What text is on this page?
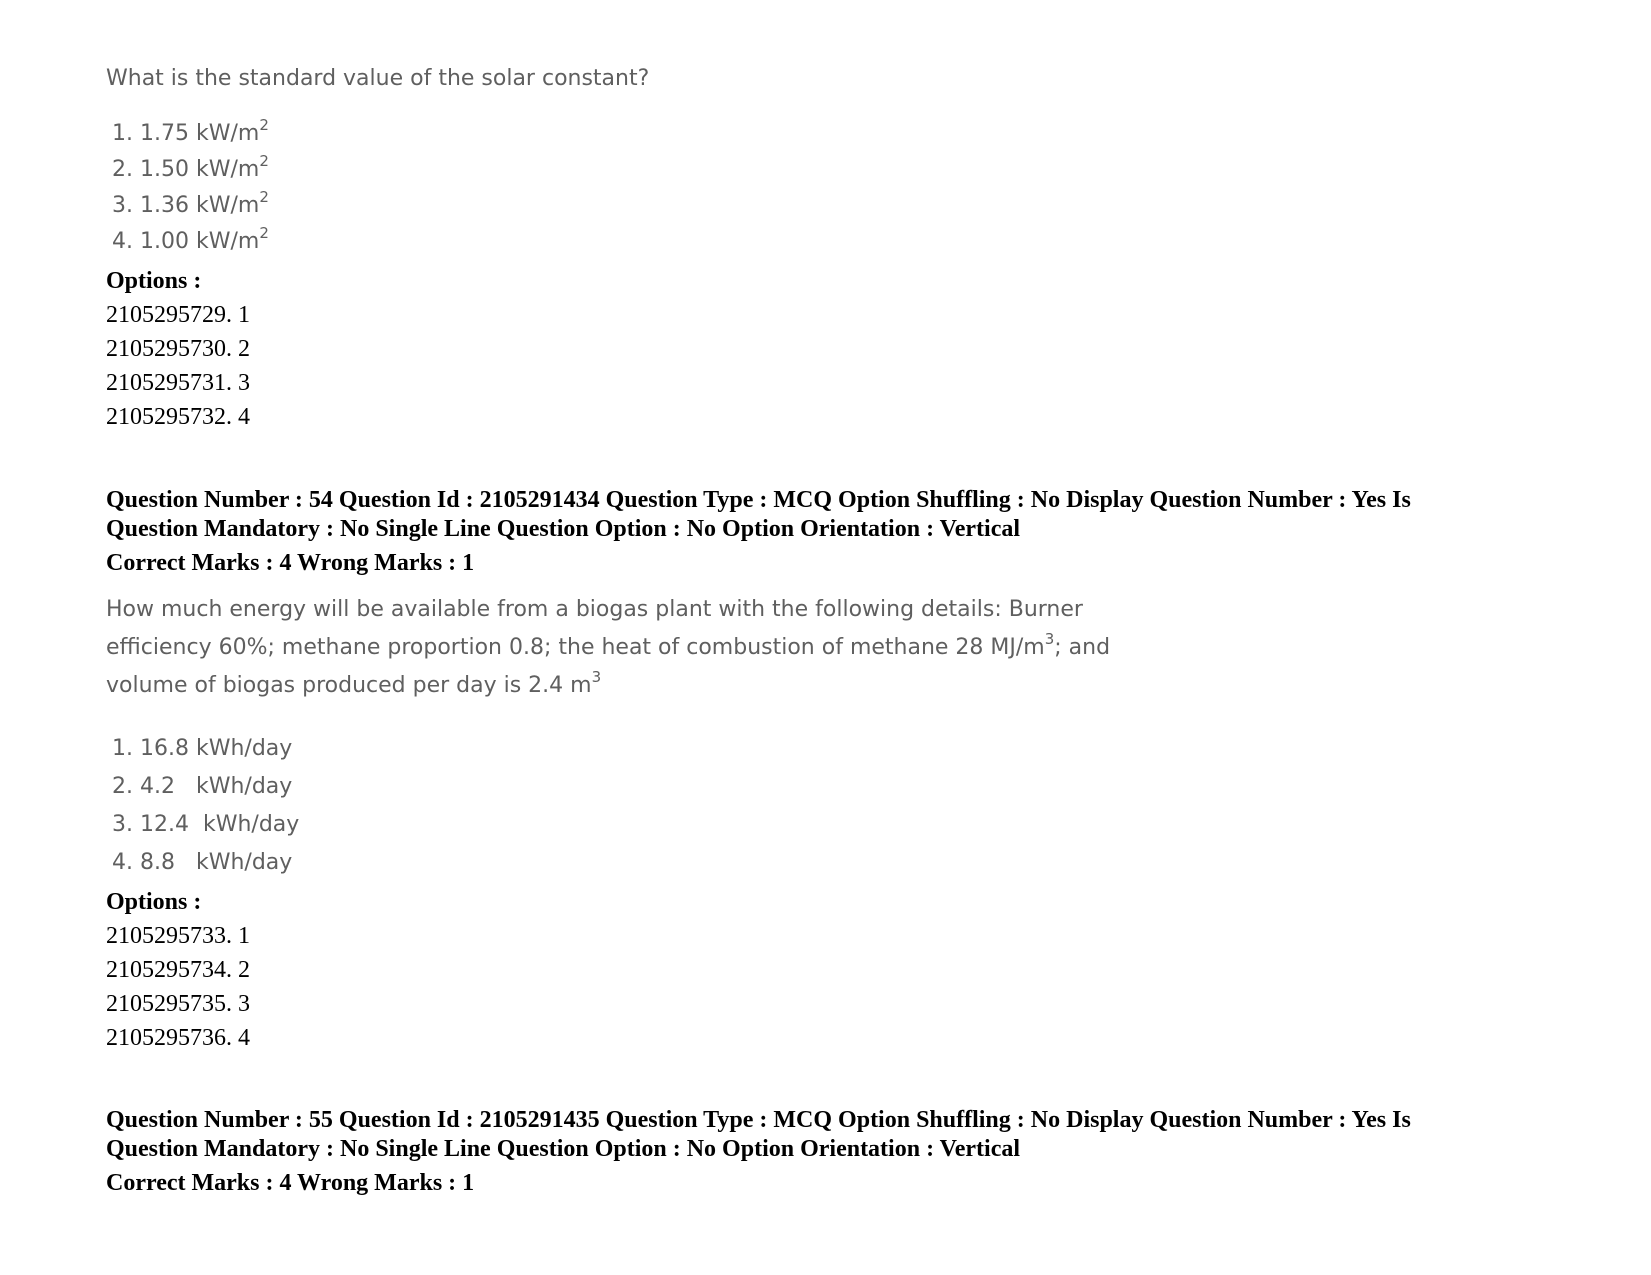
What is the standard value of the solar constant?
1. 1.75 $kW/m^2$
2. 1.50 $kW/m^2$
3. 1.36 $kW/m^2$
4. 1.00 $kW/m^2$
Options :
2105295729. 1
2105295730. 2
2105295731. 3
2105295732. 4
Question Number : 54 Question Id : 2105291434 Question Type : MCQ Option Shuffling : No Display Question Number : Yes Is
Question Mandatory : No Single Line Question Option : No Option Orientation : Vertical
Correct Marks : 4 Wrong Marks : 1
How much energy will be available from a biogas plant with the following details: Burner
efficiency 60%; methane proportion 0.8; the heat of combustion of methane 28 $MJ/m^3$; and
volume of biogas produced per day is 2.4 $m^3$
1. 16.8 kWh/day
2. 4.2   kWh/day
3. 12.4  kWh/day
4. 8.8   kWh/day
Options :
2105295733. 1
2105295734. 2
2105295735. 3
2105295736. 4
Question Number : 55 Question Id : 2105291435 Question Type : MCQ Option Shuffling : No Display Question Number : Yes Is
Question Mandatory : No Single Line Question Option : No Option Orientation : Vertical
Correct Marks : 4 Wrong Marks : 1
